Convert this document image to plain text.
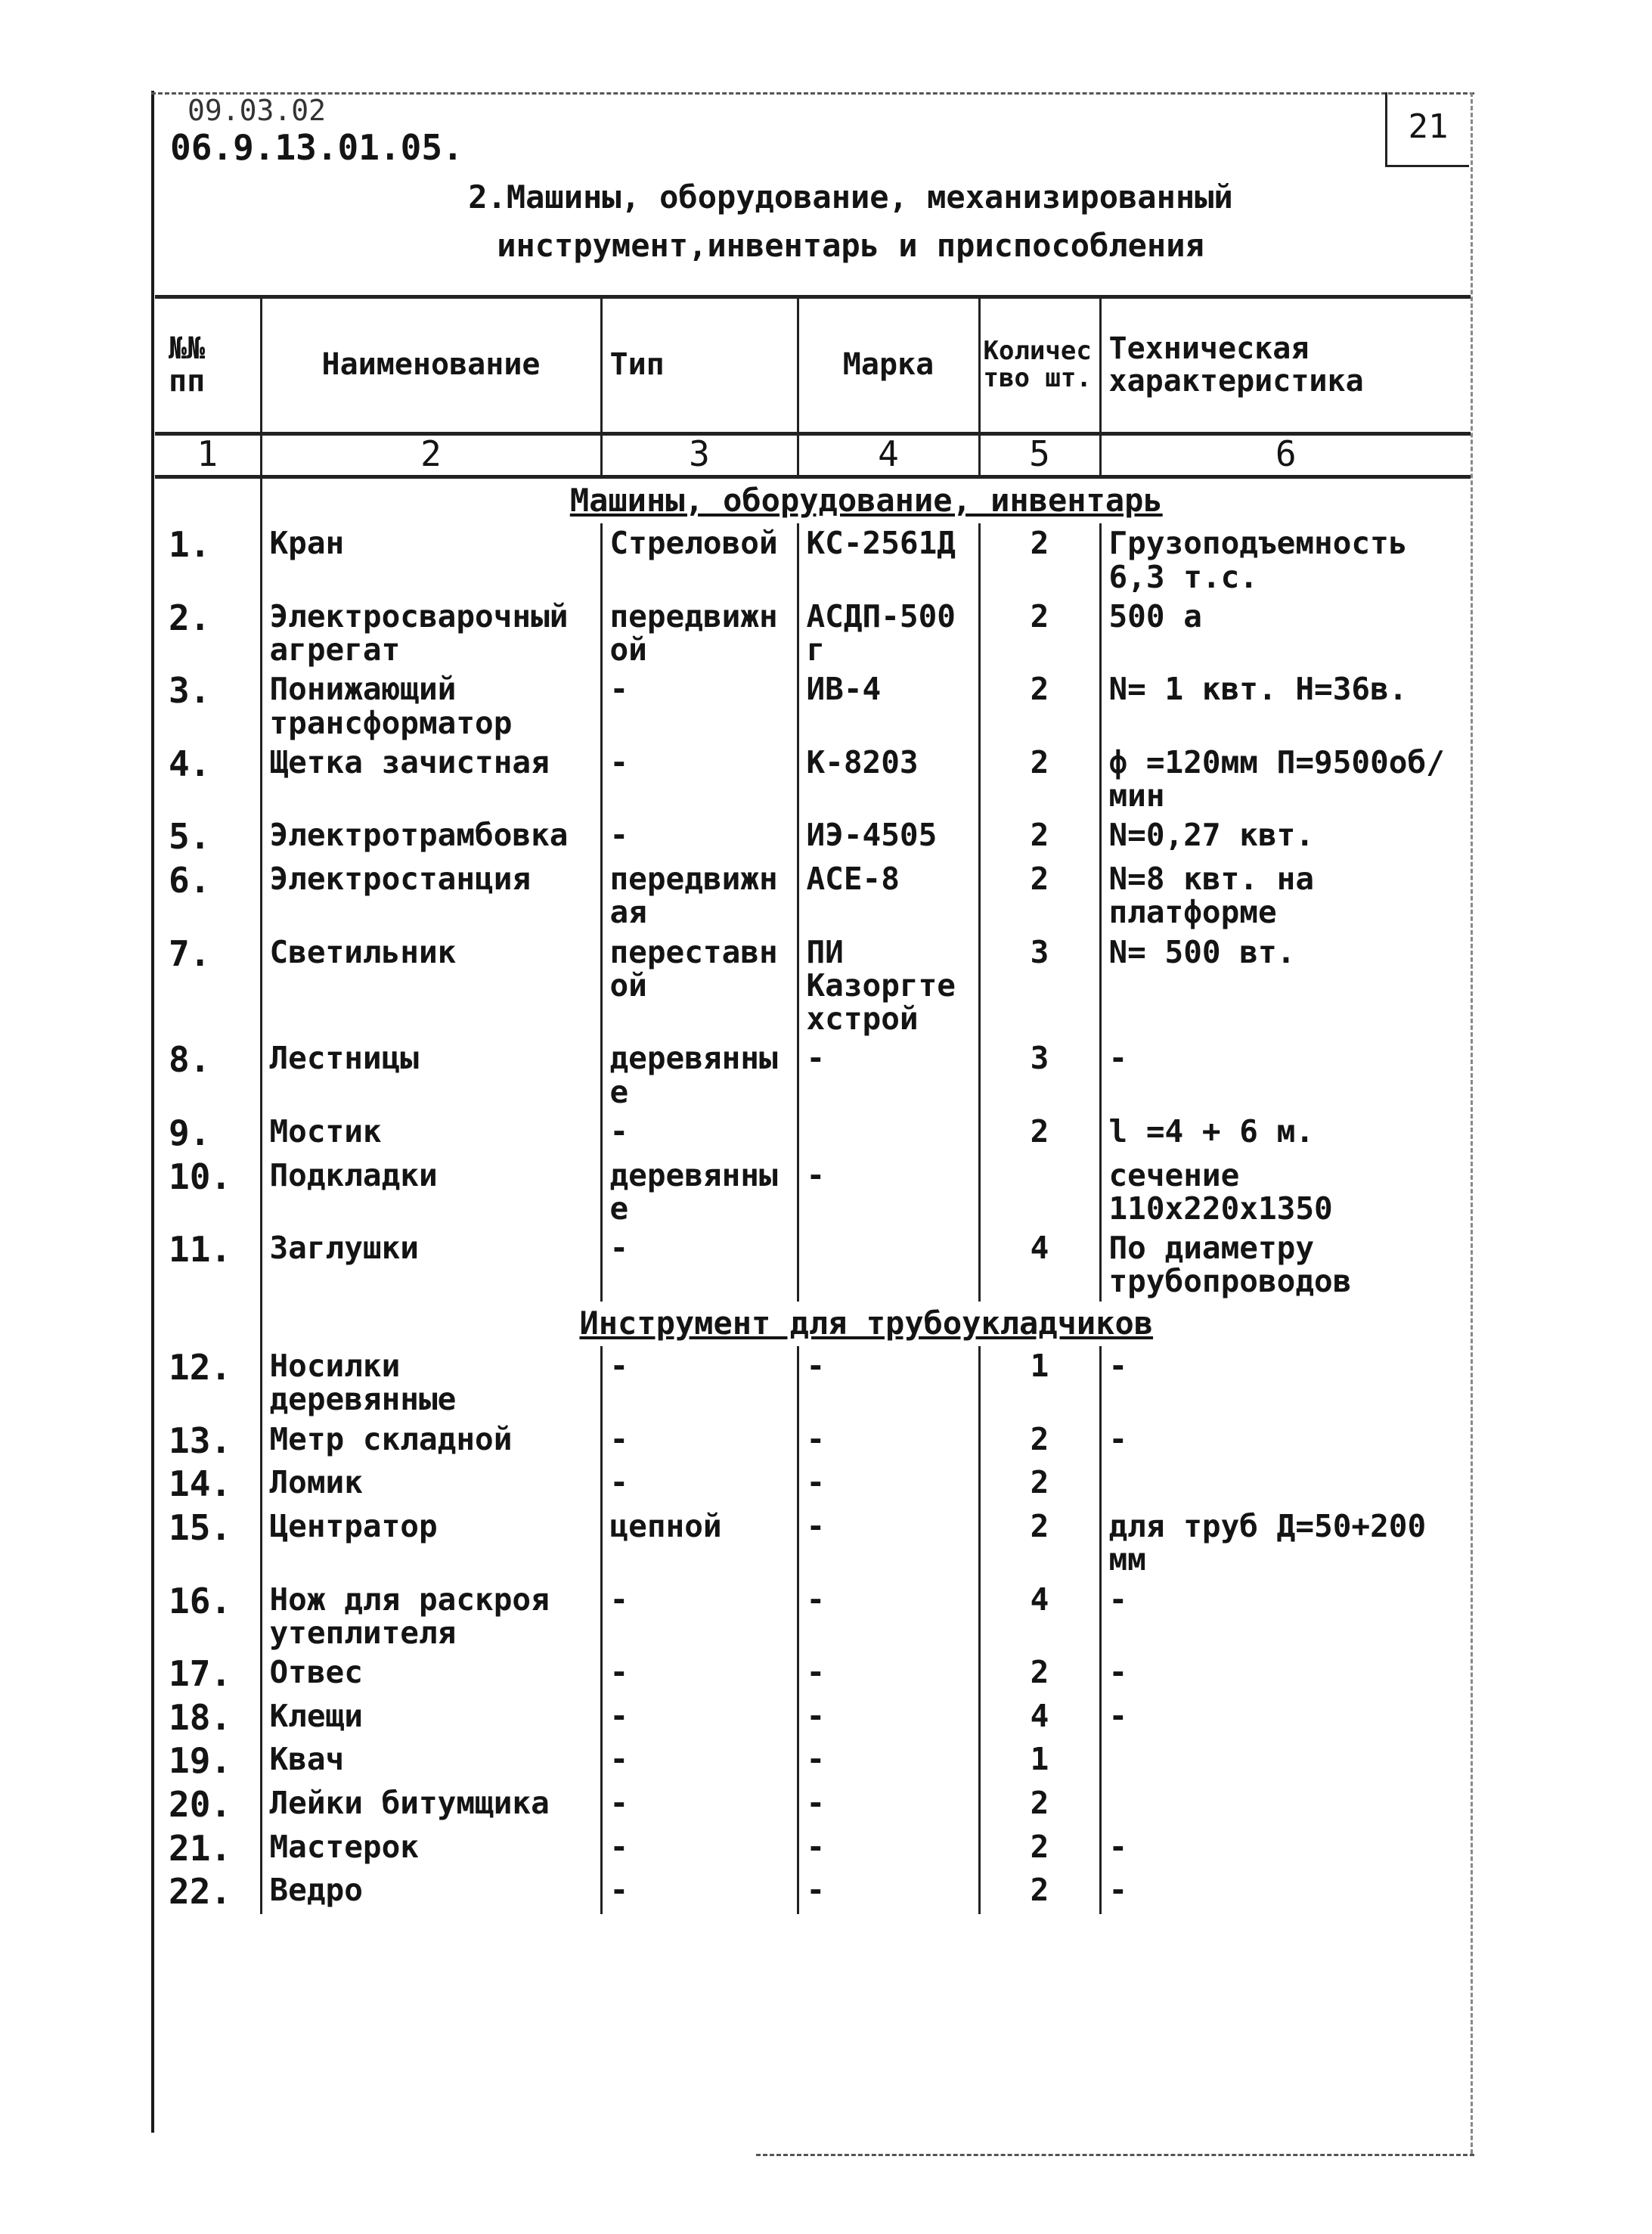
09.03.02
06.9.13.01.05.
21
2.Машины, оборудование, механизированный
инструмент,инвентарь и приспособления
№№ пп	Наименование	Тип	Марка	Количество шт.	Техническая характеристика
1	2	3	4	5	6
	Машины, оборудование, инвентарь				
1.	Кран	Стреловой	КС-2561Д	2	Грузоподъемность 6,3 т.с.
2.	Электросварочный агрегат	передвижной	АСДП-500г	2	500 а
3.	Понижающий трансформатор	-	ИВ-4	2	N= 1 квт. Н=36в.
4.	Щетка зачистная	-	К-8203	2	ф =120мм П=9500об/мин
5.	Электротрамбовка	-	ИЭ-4505	2	N=0,27 квт.
6.	Электростанция	передвижная	АСЕ-8	2	N=8 квт. на платформе
7.	Светильник	переставной	ПИ Казоргтехстрой	3	N= 500 вт.
8.	Лестницы	деревянные	-	3	-
9.	Мостик	-		2	l =4 + 6 м.
10.	Подкладки	деревянные	-		сечение 110х220х1350
11.	Заглушки	-		4	По диаметру трубопроводов
	Инструмент для трубоукладчиков				
12.	Носилки деревянные	-	-	1	-
13.	Метр складной	-	-	2	-
14.	Ломик	-	-	2	
15.	Центратор	цепной	-	2	для труб Д=50+200 мм
16.	Нож для раскроя утеплителя	-	-	4	-
17.	Отвес	-	-	2	-
18.	Клещи	-	-	4	-
19.	Квач	-	-	1	
20.	Лейки битумщика	-	-	2	
21.	Мастерок	-	-	2	-
22.	Ведро	-	-	2	-
